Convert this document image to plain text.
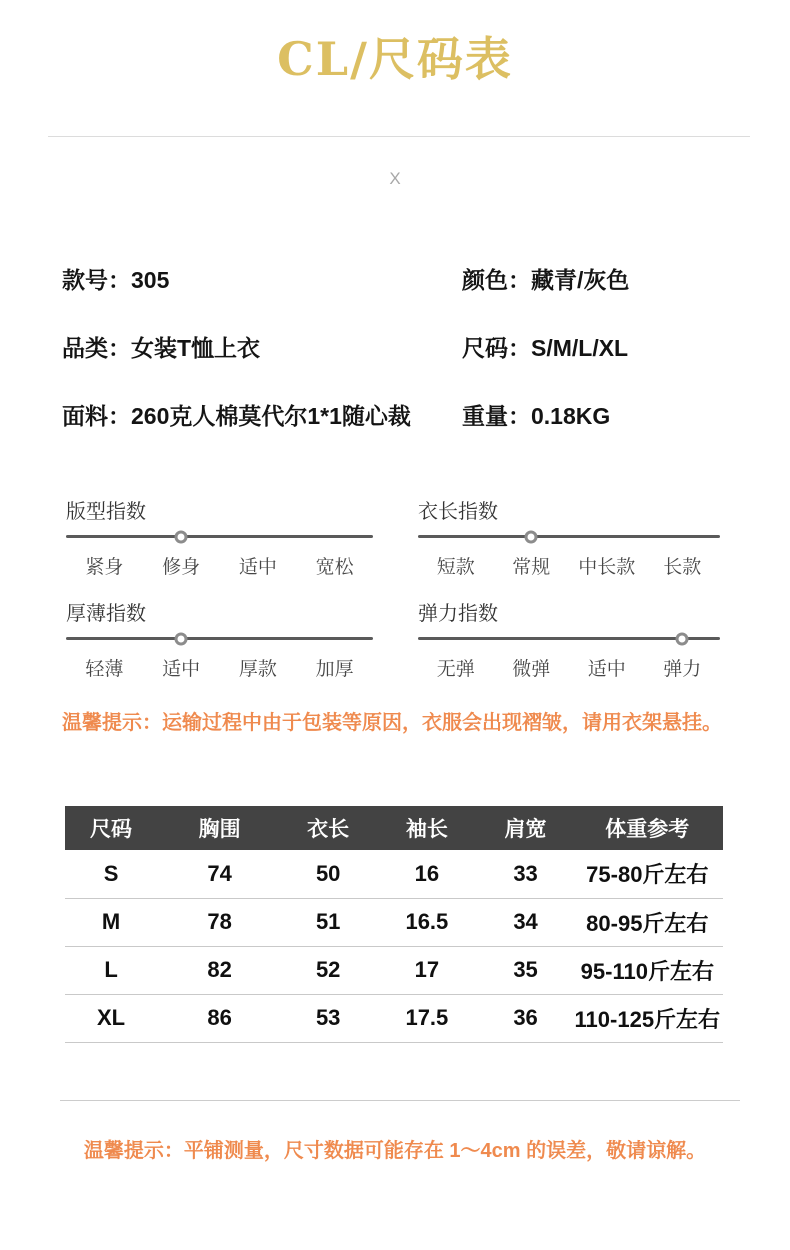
CL/尺码表
X
款号：305	颜色：藏青/灰色
品类：女装T恤上衣	尺码：S/M/L/XL
面料：260克人棉莫代尔1*1随心裁	重量：0.18KG
版型指数
紧身	修身	适中	宽松
衣长指数
短款	常规	中长款	长款
厚薄指数
轻薄	适中	厚款	加厚
弹力指数
无弹	微弹	适中	弹力

温馨提示：运输过程中由于包装等原因，衣服会出现褶皱，请用衣架悬挂。

尺码	胸围	衣长	袖长	肩宽	体重参考
S	74	50	16	33	75-80斤左右
M	78	51	16.5	34	80-95斤左右
L	82	52	17	35	95-110斤左右
XL	86	53	17.5	36	110-125斤左右

温馨提示：平铺测量，尺寸数据可能存在 1～4cm 的误差，敬请谅解。
